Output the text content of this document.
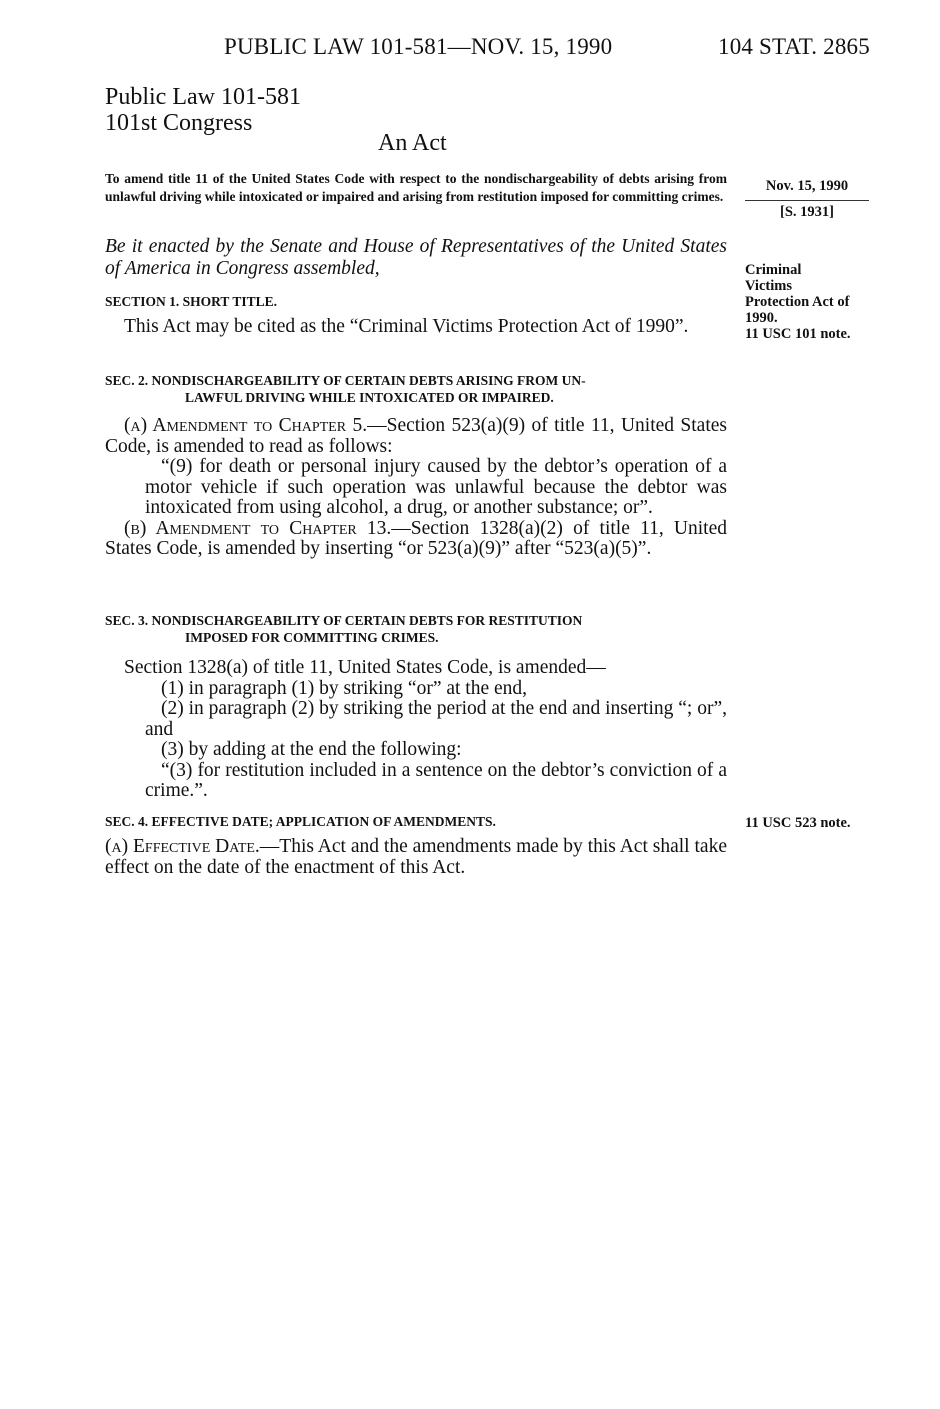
PUBLIC LAW 101-581—NOV. 15, 1990	104 STAT. 2865
Public Law 101-581
101st Congress
An Act
To amend title 11 of the United States Code with respect to the nondischargeability of debts arising from unlawful driving while intoxicated or impaired and arising from restitution imposed for committing crimes.
Nov. 15, 1990
[S. 1931]
Be it enacted by the Senate and House of Representatives of the United States of America in Congress assembled,	Criminal
Victims
Protection Act of
1990.
11 USC 101 note.
SECTION 1. SHORT TITLE.
This Act may be cited as the “Criminal Victims Protection Act of 1990”.
SEC. 2. NONDISCHARGEABILITY OF CERTAIN DEBTS ARISING FROM UN-
LAWFUL DRIVING WHILE INTOXICATED OR IMPAIRED.

(a) Amendment to Chapter 5.—Section 523(a)(9) of title 11, United States Code, is amended to read as follows:

“(9) for death or personal injury caused by the debtor’s operation of a motor vehicle if such operation was unlawful because the debtor was intoxicated from using alcohol, a drug, or another substance; or”.

(b) Amendment to Chapter 13.—Section 1328(a)(2) of title 11, United States Code, is amended by inserting “or 523(a)(9)” after “523(a)(5)”.

SEC. 3. NONDISCHARGEABILITY OF CERTAIN DEBTS FOR RESTITUTION
IMPOSED FOR COMMITTING CRIMES.

Section 1328(a) of title 11, United States Code, is amended—

(1) in paragraph (1) by striking “or” at the end,

(2) in paragraph (2) by striking the period at the end and inserting “; or”, and

(3) by adding at the end the following:

“(3) for restitution included in a sentence on the debtor’s conviction of a crime.”.

SEC. 4. EFFECTIVE DATE; APPLICATION OF AMENDMENTS.	11 USC 523 note.

(a) Effective Date.—This Act and the amendments made by this Act shall take effect on the date of the enactment of this Act.
